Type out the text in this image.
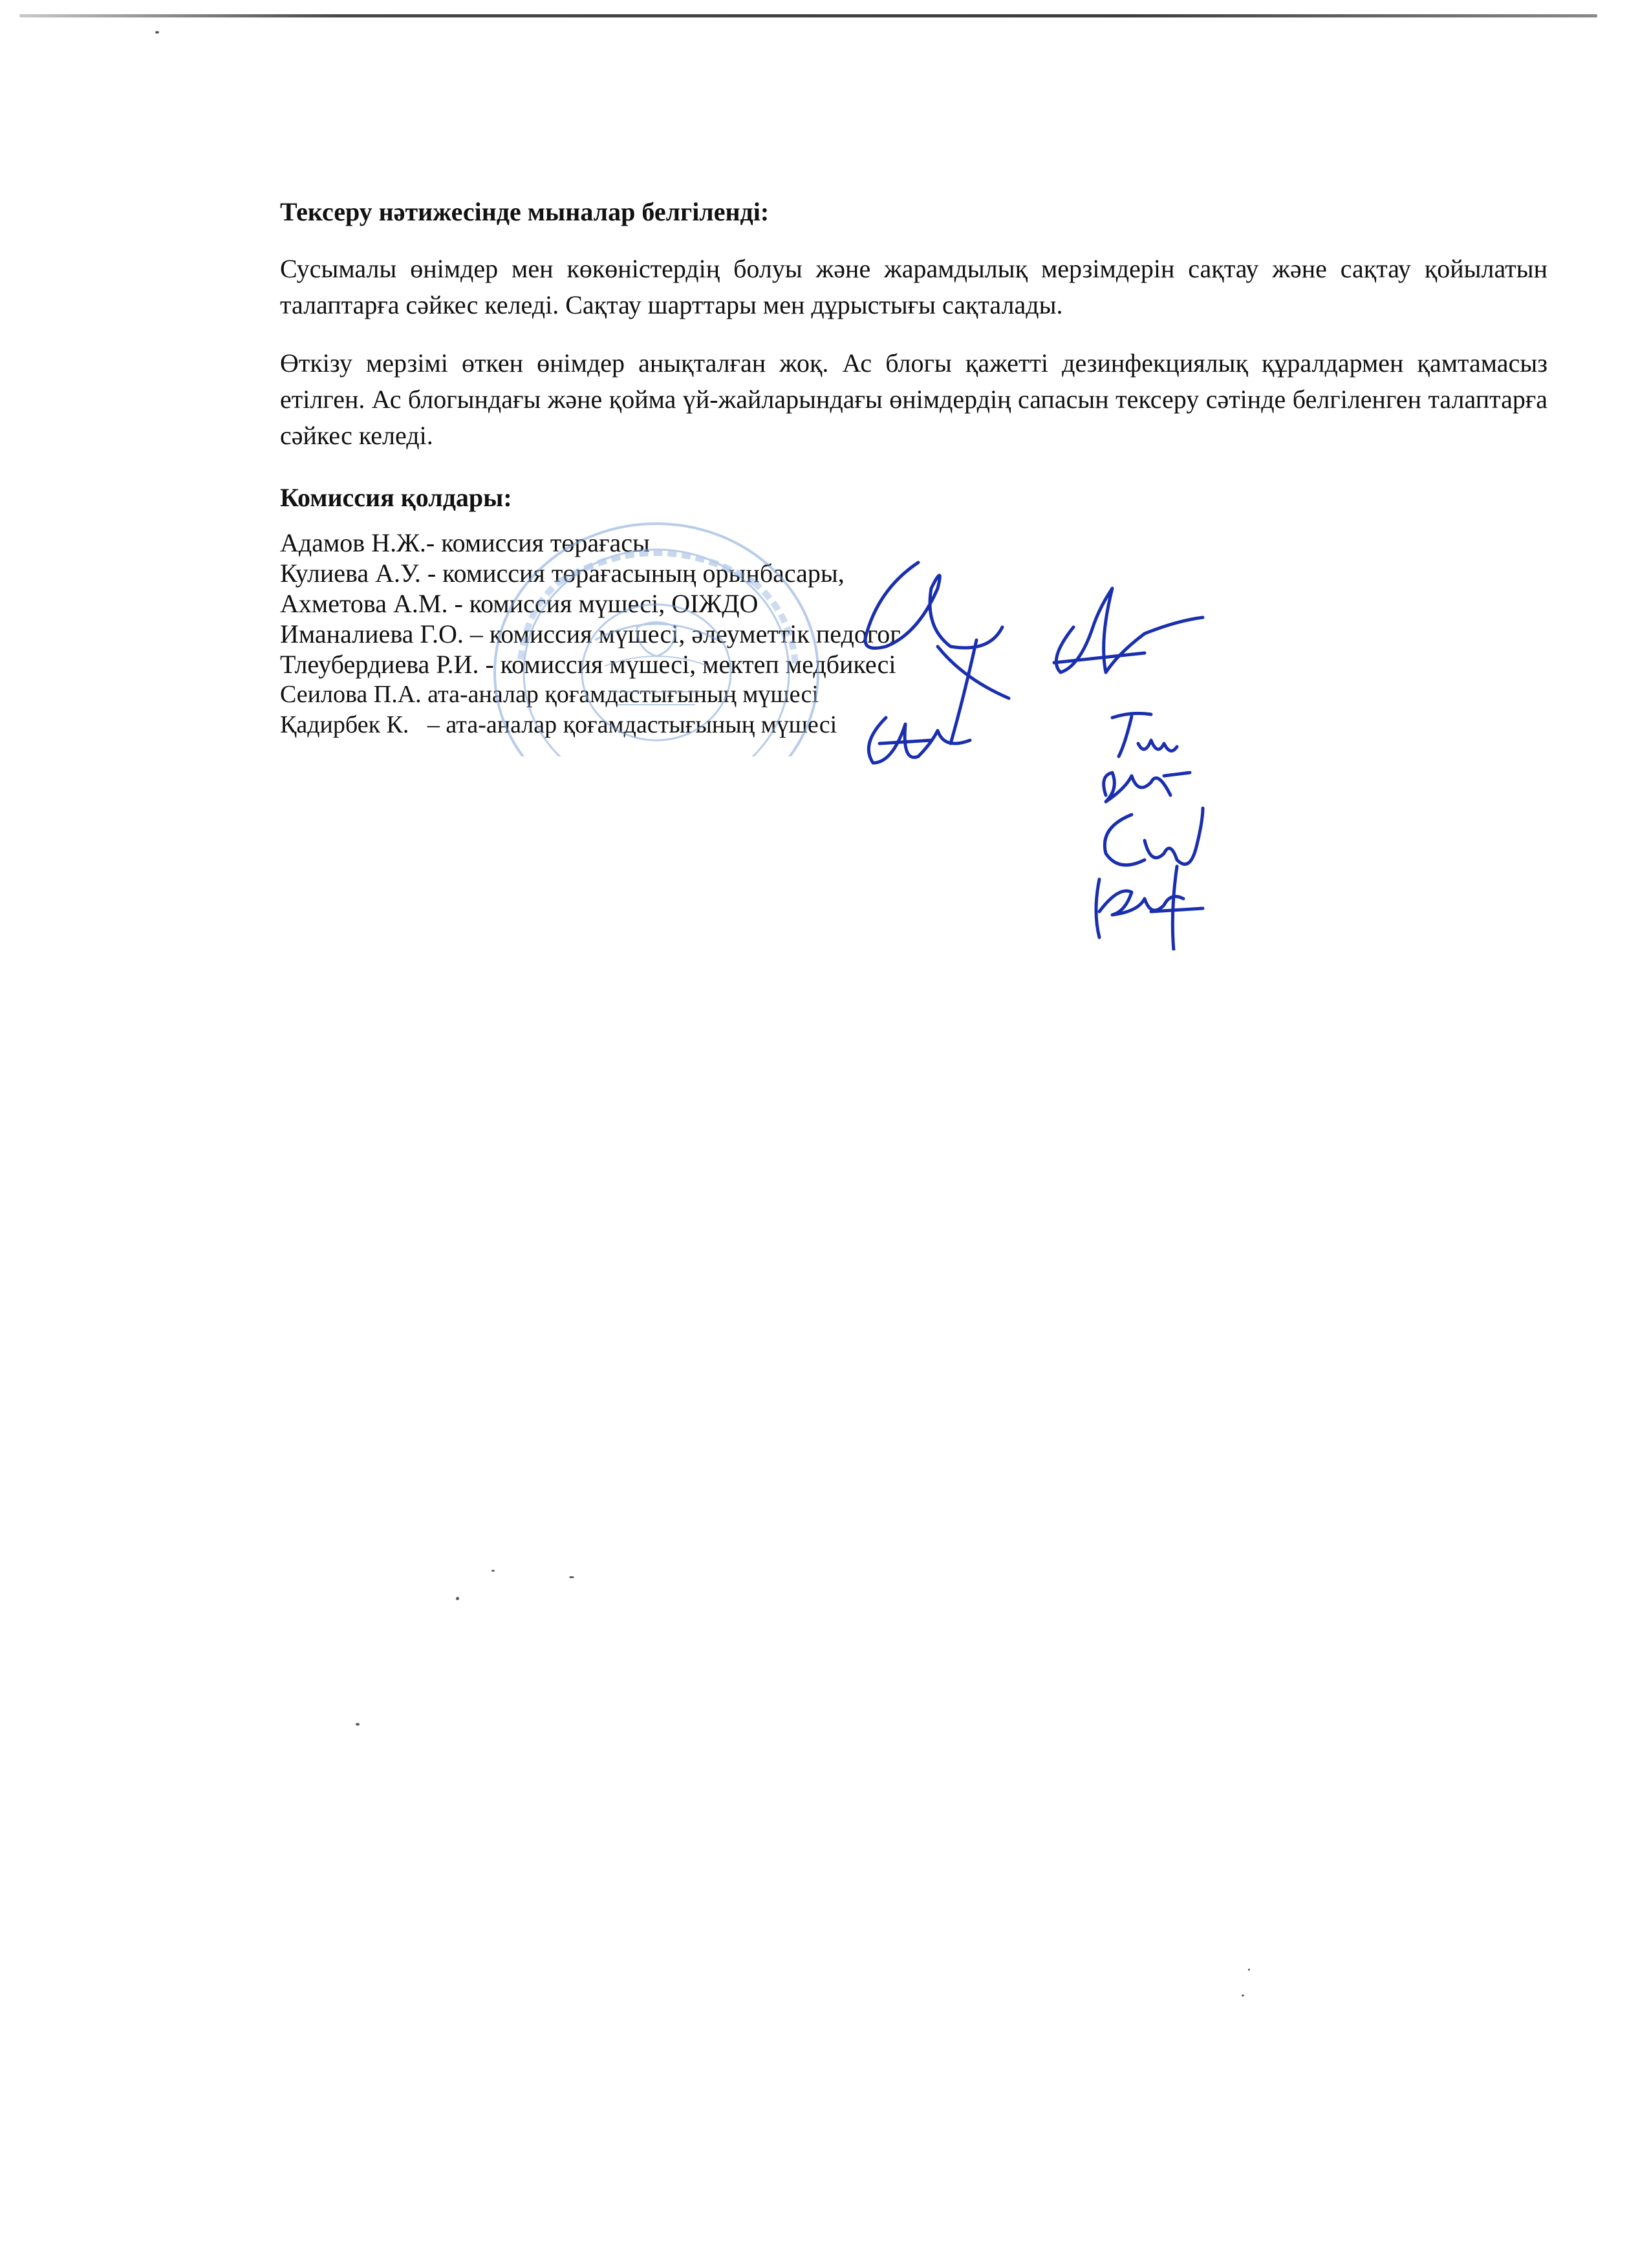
Тексеру нәтижесінде мыналар белгіленді:

Сусымалы өнімдер мен көкөністердің болуы және жарамдылық мерзімдерін сақтау және сақтау қойылатын талаптарға сәйкес келеді. Сақтау шарттары мен дұрыстығы сақталады.

Өткізу мерзімі өткен өнімдер анықталған жоқ. Ас блогы қажетті дезинфекциялық құралдармен қамтамасыз етілген. Ас блогындағы және қойма үй-жайларындағы өнімдердің сапасын тексеру сәтінде белгіленген талаптарға сәйкес келеді.

Комиссия қолдары:
Адамов Н.Ж.- комиссия төрағасы
Кулиева А.У. - комиссия төрағасының орынбасары,
Ахметова А.М. - комиссия мүшесі, ОІЖДО
Иманалиева Г.О. – комиссия мүшесі, әлеуметтік педогог
Тлеубердиева Р.И. - комиссия мүшесі, мектеп медбикесі
Сеилова П.А. ата-аналар қоғамдастығының мүшесі
Қадирбек К.   – ата-аналар қоғамдастығының мүшесі
